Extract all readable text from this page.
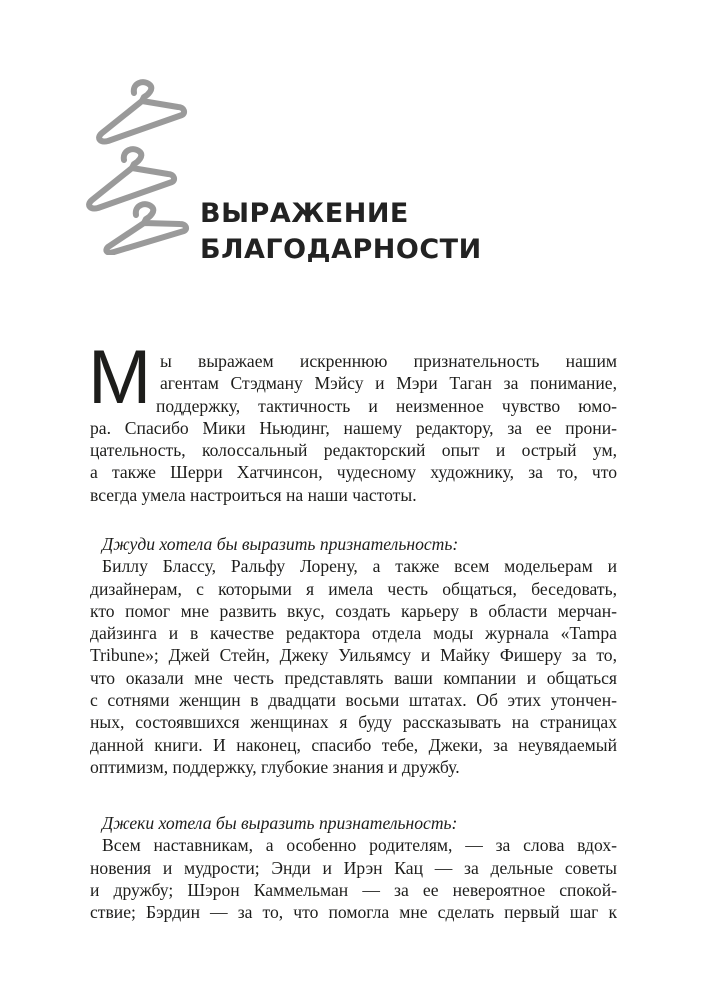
ВЫРАЖЕНИЕ
БЛАГОДАРНОСТИ
М ы выражаем искреннюю признательность нашим
агентам Стэдману Мэйсу и Мэри Таган за понимание,
поддержку, тактичность и неизменное чувство юмо-
ра. Спасибо Мики Ньюдинг, нашему редактору, за ее прони-
цательность, колоссальный редакторский опыт и острый ум,
а также Шерри Хатчинсон, чудесному художнику, за то, что
всегда умела настроиться на наши частоты.
Джуди хотела бы выразить признательность:
Биллу Блассу, Ральфу Лорену, а также всем модельерам и
дизайнерам, с которыми я имела честь общаться, беседовать,
кто помог мне развить вкус, создать карьеру в области мерчан-
дайзинга и в качестве редактора отдела моды журнала «Tampa
Tribune»; Джей Стейн, Джеку Уильямсу и Майку Фишеру за то,
что оказали мне честь представлять ваши компании и общаться
с сотнями женщин в двадцати восьми штатах. Об этих утончен-
ных, состоявшихся женщинах я буду рассказывать на страницах
данной книги. И наконец, спасибо тебе, Джеки, за неувядаемый
оптимизм, поддержку, глубокие знания и дружбу.
Джеки хотела бы выразить признательность:
Всем наставникам, а особенно родителям, — за слова вдох-
новения и мудрости; Энди и Ирэн Кац — за дельные советы
и дружбу; Шэрон Каммельман — за ее невероятное спокой-
ствие; Бэрдин — за то, что помогла мне сделать первый шаг к
